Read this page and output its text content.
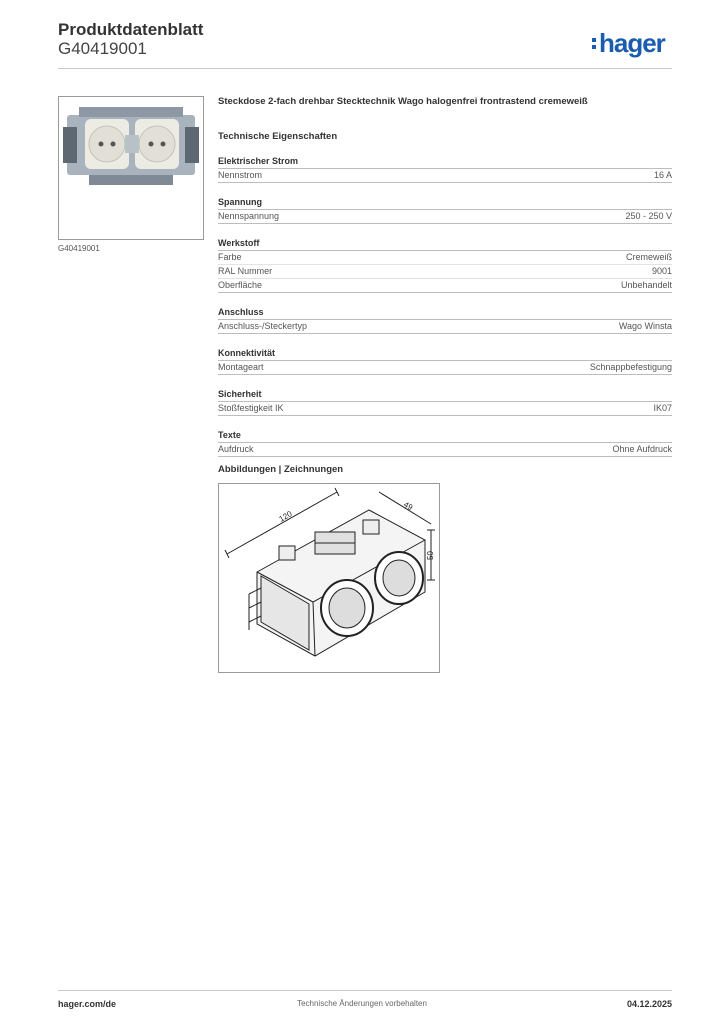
Produktdatenblatt
G40419001	hager
G40419001
Steckdose 2-fach drehbar Stecktechnik Wago halogenfrei frontrastend cremeweiß
Technische Eigenschaften
Elektrischer Strom
Nennstrom	16 A
Spannung
Nennspannung	250 - 250 V
Werkstoff
Farbe	Cremeweiß
RAL Nummer	9001
Oberfläche	Unbehandelt
Anschluss
Anschluss-/Steckertyp	Wago Winsta
Konnektivität
Montageart	Schnappbefestigung
Sicherheit
Stoßfestigkeit IK	IK07
Texte
Aufdruck	Ohne Aufdruck
Abbildungen | Zeichnungen
120
49
50
hager.com/de	Technische Änderungen vorbehalten	04.12.2025
